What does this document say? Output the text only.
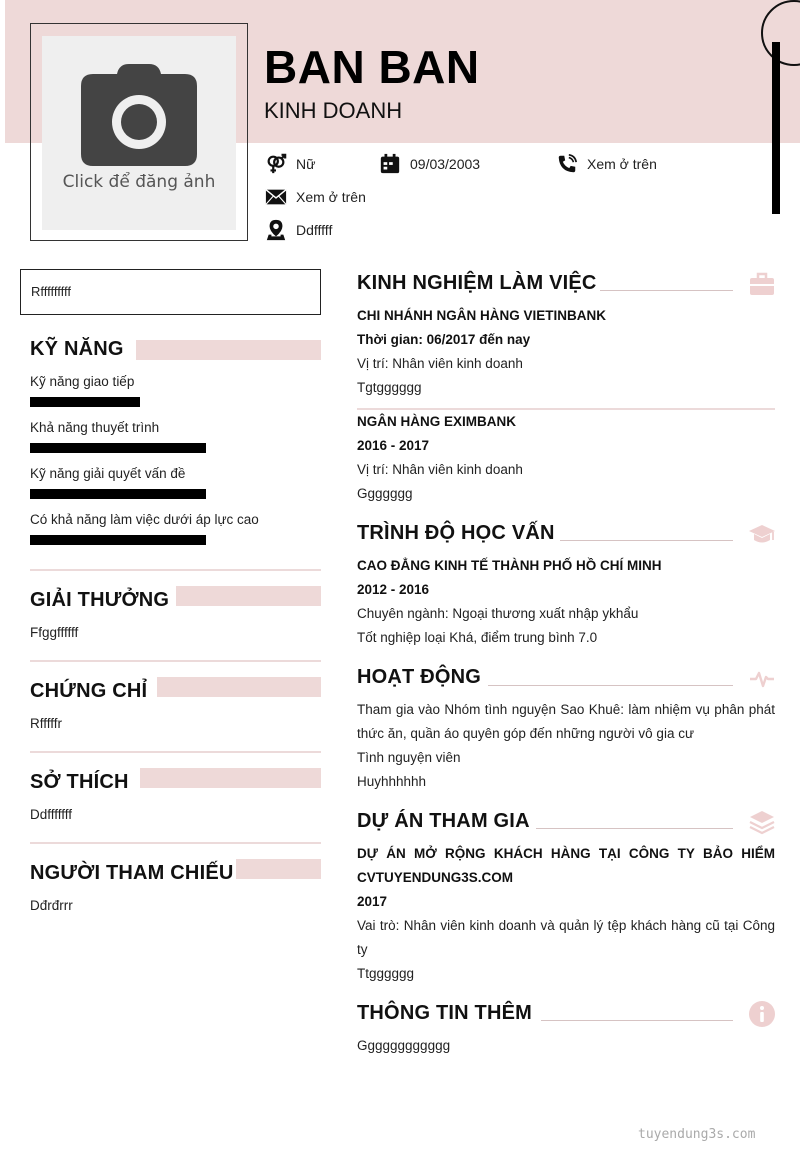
Click để đăng ảnh
BAN BAN
KINH DOANH
Nữ	09/03/2003	Xem ở trên
Xem ở trên
Ddfffff
Rfffffffff
KỸ NĂNG
Kỹ năng giao tiếp
Khả năng thuyết trình
Kỹ năng giải quyết vấn đề
Có khả năng làm việc dưới áp lực cao
GIẢI THƯỞNG
Ffggffffff
CHỨNG CHỈ
Rfffffr
SỞ THÍCH
Ddfffffff
NGƯỜI THAM CHIẾU
Dđrđrrr
KINH NGHIỆM LÀM VIỆC
CHI NHÁNH NGÂN HÀNG VIETINBANK
Thời gian: 06/2017 đến nay
Vị trí: Nhân viên kinh doanh
Tgtgggggg
NGÂN HÀNG EXIMBANK
2016 - 2017
Vị trí: Nhân viên kinh doanh
Ggggggg
TRÌNH ĐỘ HỌC VẤN
CAO ĐẲNG KINH TẾ THÀNH PHỐ HỒ CHÍ MINH
2012 - 2016
Chuyên ngành: Ngoại thương xuất nhập ykhẩu
Tốt nghiệp loại Khá, điểm trung bình 7.0
HOẠT ĐỘNG
Tham gia vào Nhóm tình nguyện Sao Khuê: làm nhiệm vụ phân phát thức ăn, quần áo quyên góp đến những người vô gia cư
Tình nguyện viên
Huyhhhhhh
DỰ ÁN THAM GIA
DỰ ÁN MỞ RỘNG KHÁCH HÀNG TẠI CÔNG TY BẢO HIỂM CVTUYENDUNG3S.COM
2017
Vai trò: Nhân viên kinh doanh và quản lý tệp khách hàng cũ tại Công ty
Ttgggggg
THÔNG TIN THÊM
Gggggggggggg
tuyendung3s.com
